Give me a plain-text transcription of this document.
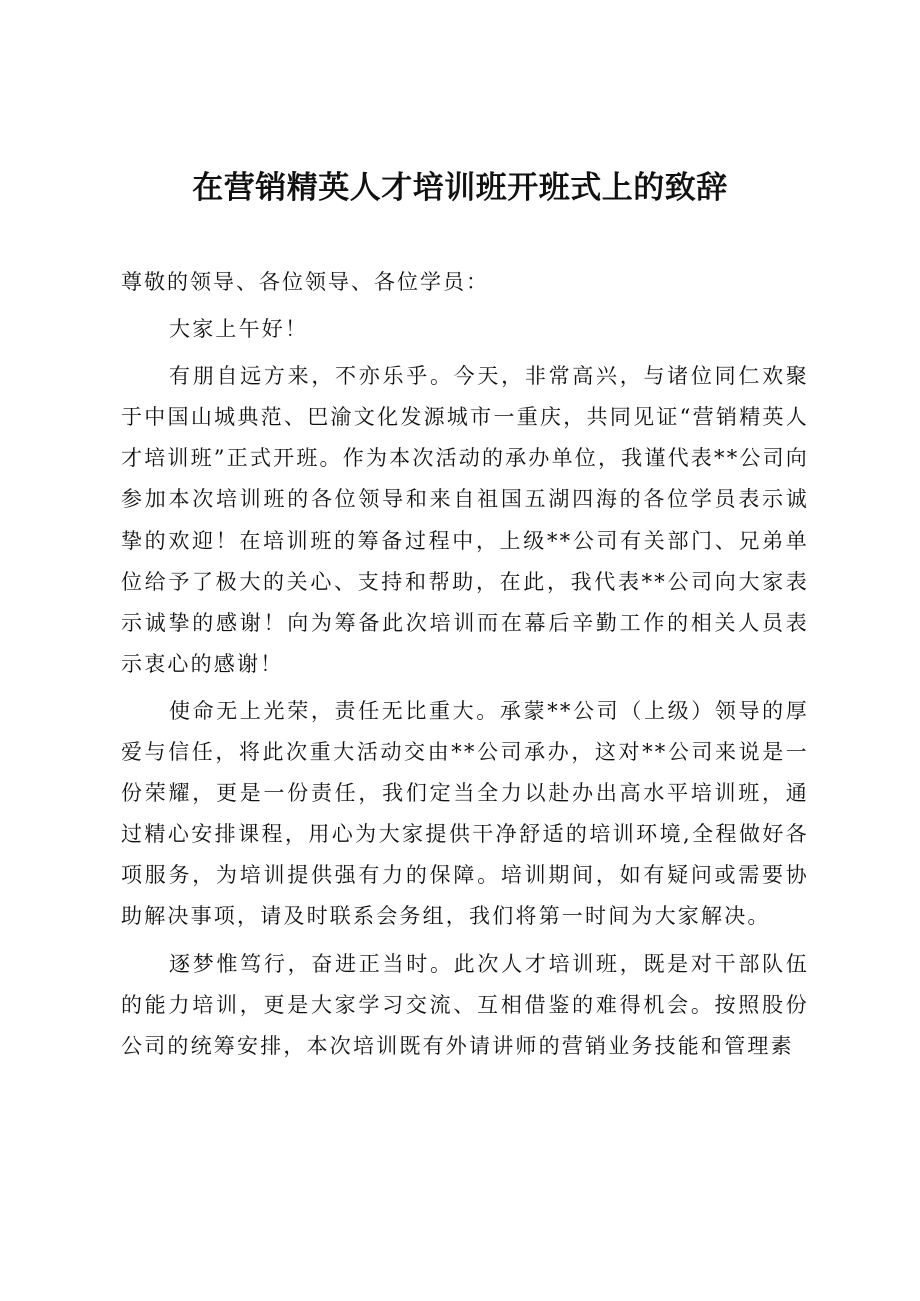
在营销精英人才培训班开班式上的致辞

尊敬的领导、各位领导、各位学员：

大家上午好！

有朋自远方来，不亦乐乎。今天，非常高兴，与诸位同仁欢聚于中国山城典范、巴渝文化发源城市一重庆，共同见证“营销精英人才培训班”正式开班。作为本次活动的承办单位，我谨代表**公司向参加本次培训班的各位领导和来自祖国五湖四海的各位学员表示诚挚的欢迎！在培训班的筹备过程中，上级**公司有关部门、兄弟单位给予了极大的关心、支持和帮助，在此，我代表**公司向大家表示诚挚的感谢！向为筹备此次培训而在幕后辛勤工作的相关人员表示衷心的感谢！

使命无上光荣，责任无比重大。承蒙**公司（上级）领导的厚爱与信任，将此次重大活动交由**公司承办，这对**公司来说是一份荣耀，更是一份责任，我们定当全力以赴办出高水平培训班，通过精心安排课程，用心为大家提供干净舒适的培训环境,全程做好各项服务，为培训提供强有力的保障。培训期间，如有疑问或需要协助解决事项，请及时联系会务组，我们将第一时间为大家解决。

逐梦惟笃行，奋进正当时。此次人才培训班，既是对干部队伍的能力培训，更是大家学习交流、互相借鉴的难得机会。按照股份公司的统筹安排，本次培训既有外请讲师的营销业务技能和管理素
